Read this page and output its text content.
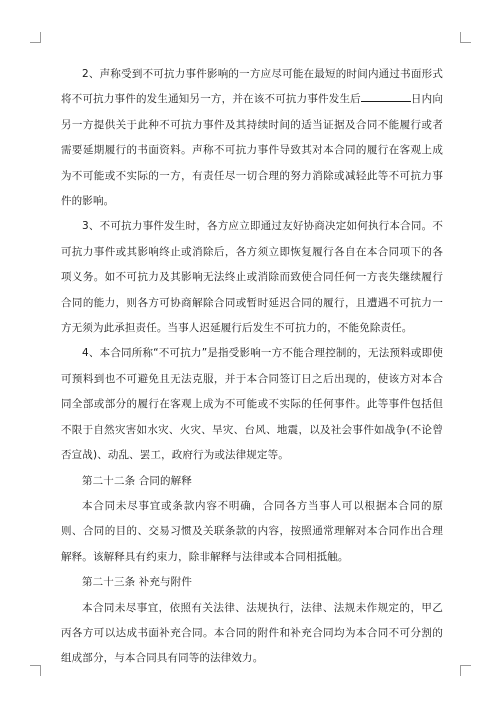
2、声称受到不可抗力事件影响的一方应尽可能在最短的时间内通过书面形式将不可抗力事件的发生通知另一方，并在该不可抗力事件发生后	日内向另一方提供关于此种不可抗力事件及其持续时间的适当证据及合同不能履行或者需要延期履行的书面资料。声称不可抗力事件导致其对本合同的履行在客观上成为不可能或不实际的一方，有责任尽一切合理的努力消除或减轻此等不可抗力事件的影响。

3、不可抗力事件发生时，各方应立即通过友好协商决定如何执行本合同。不可抗力事件或其影响终止或消除后，各方须立即恢复履行各自在本合同项下的各项义务。如不可抗力及其影响无法终止或消除而致使合同任何一方丧失继续履行合同的能力，则各方可协商解除合同或暂时延迟合同的履行，且遭遇不可抗力一方无须为此承担责任。当事人迟延履行后发生不可抗力的，不能免除责任。

4、本合同所称“不可抗力”是指受影响一方不能合理控制的，无法预料或即使可预料到也不可避免且无法克服，并于本合同签订日之后出现的，使该方对本合同全部或部分的履行在客观上成为不可能或不实际的任何事件。此等事件包括但不限于自然灾害如水灾、火灾、旱灾、台风、地震，以及社会事件如战争(不论曾否宣战)、动乱、罢工，政府行为或法律规定等。

第二十二条 合同的解释

本合同未尽事宜或条款内容不明确，合同各方当事人可以根据本合同的原则、合同的目的、交易习惯及关联条款的内容，按照通常理解对本合同作出合理解释。该解释具有约束力，除非解释与法律或本合同相抵触。

第二十三条 补充与附件

本合同未尽事宜，依照有关法律、法规执行，法律、法规未作规定的，甲乙丙各方可以达成书面补充合同。本合同的附件和补充合同均为本合同不可分割的组成部分，与本合同具有同等的法律效力。
